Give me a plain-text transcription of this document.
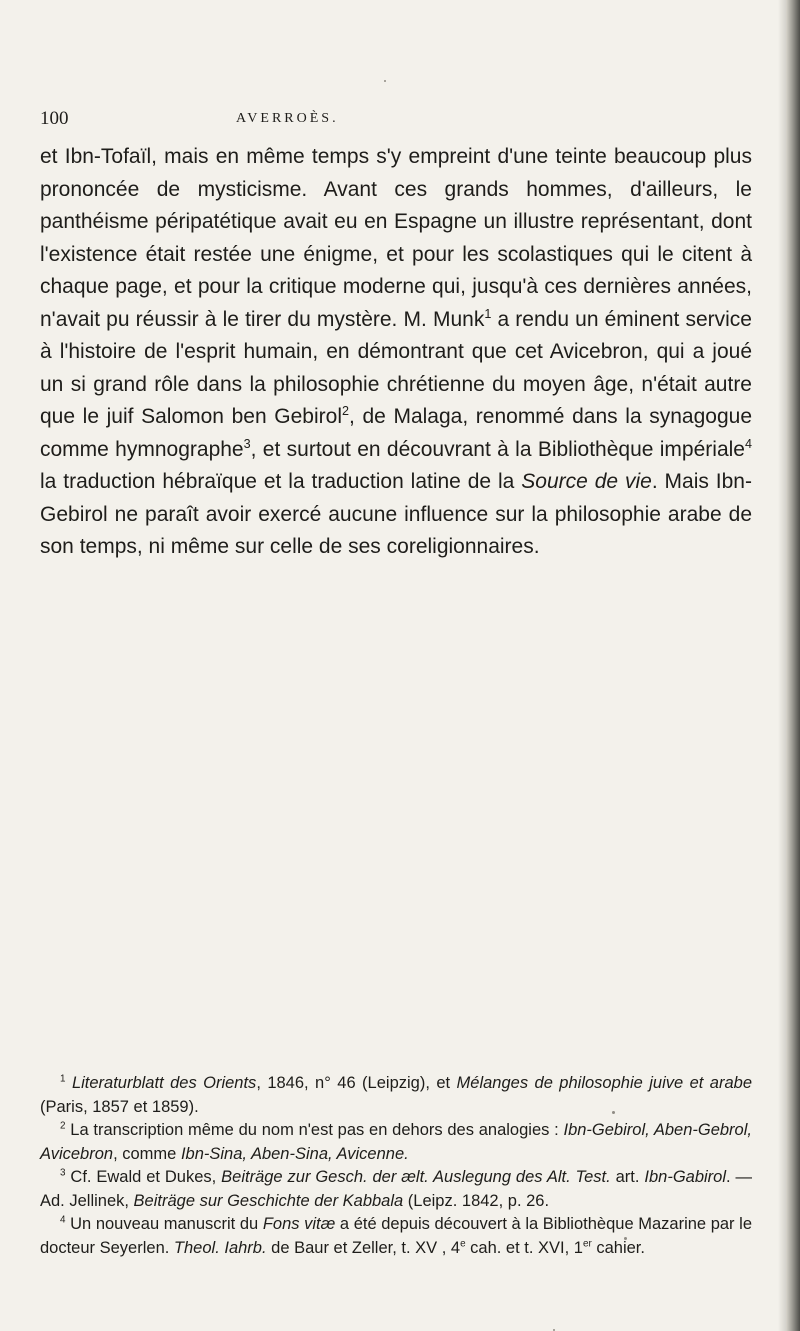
100	AVERROÈS.

et Ibn-Tofaïl, mais en même temps s'y empreint d'une teinte beaucoup plus prononcée de mysticisme. Avant ces grands hommes, d'ailleurs, le panthéisme péripatétique avait eu en Espagne un illustre représentant, dont l'existence était restée une énigme, et pour les scolastiques qui le citent à chaque page, et pour la critique moderne qui, jusqu'à ces dernières années, n'avait pu réussir à le tirer du mystère. M. Munk$^1$ a rendu un éminent service à l'histoire de l'esprit humain, en démontrant que cet Avicebron, qui a joué un si grand rôle dans la philosophie chrétienne du moyen âge, n'était autre que le juif Salomon ben Gebirol$^2$, de Malaga, renommé dans la synagogue comme hymnographe$^3$, et surtout en découvrant à la Bibliothèque impériale$^4$ la traduction hébraïque et la traduction latine de la Source de vie. Mais Ibn-Gebirol ne paraît avoir exercé aucune influence sur la philosophie arabe de son temps, ni même sur celle de ses coreligionnaires.

$^1$ Literaturblatt des Orients, 1846, n° 46 (Leipzig), et Mélanges de philosophie juive et arabe (Paris, 1857 et 1859).

$^2$ La transcription même du nom n'est pas en dehors des analogies : Ibn-Gebirol, Aben-Gebrol, Avicebron, comme Ibn-Sina, Aben-Sina, Avicenne.

$^3$ Cf. Ewald et Dukes, Beiträge zur Gesch. der ælt. Auslegung des Alt. Test. art. Ibn-Gabirol. — Ad. Jellinek, Beiträge sur Geschichte der Kabbala (Leipz. 1842, p. 26.

$^4$ Un nouveau manuscrit du Fons vitæ a été depuis découvert à la Bibliothèque Mazarine par le docteur Seyerlen. Theol. Iahrb. de Baur et Zeller, t. XV , 4e cah. et t. XVI, 1er cahier.
